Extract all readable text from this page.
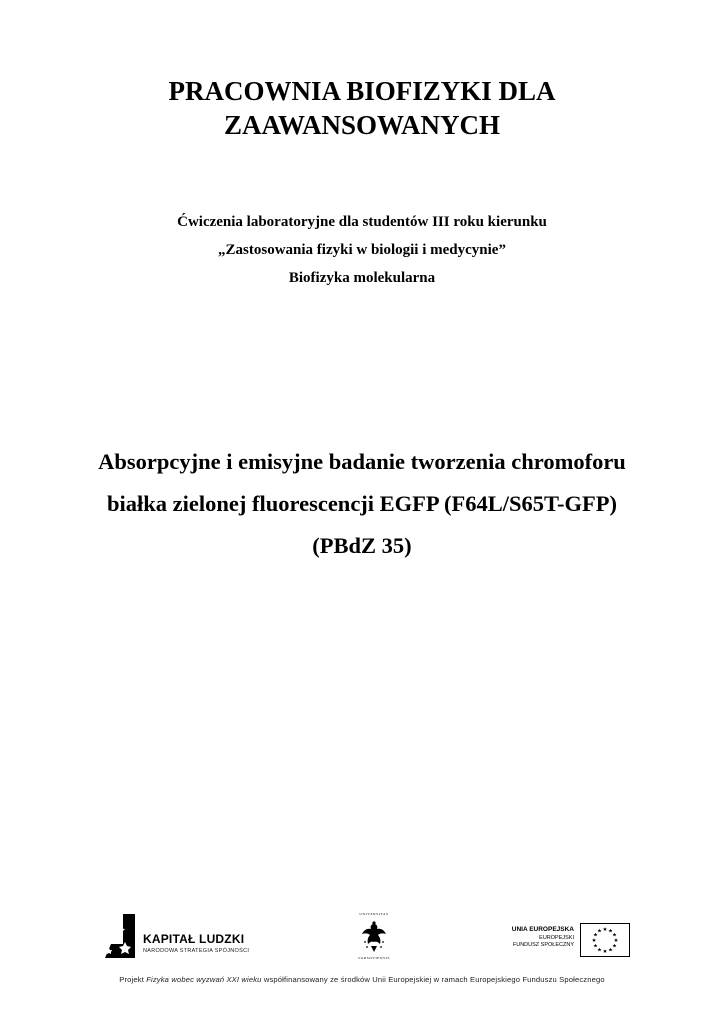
PRACOWNIA BIOFIZYKI DLA
ZAAWANSOWANYCH
Ćwiczenia laboratoryjne dla studentów III roku kierunku
„Zastosowania fizyki w biologii i medycynie”
Biofizyka molekularna
Absorpcyjne i emisyjne badanie tworzenia chromoforu
białka zielonej fluorescencji EGFP (F64L/S65T-GFP)
(PBdZ 35)
KAPITAŁ LUDZKI
NARODOWA STRATEGIA SPÓJNOŚCI
UNIVERSITAS
VARSOVIENSIS
UNIA EUROPEJSKA
EUROPEJSKI
FUNDUSZ SPOŁECZNY
Projekt Fizyka wobec wyzwań XXI wieku współfinansowany ze środków Unii Europejskiej w ramach Europejskiego Funduszu Społecznego
